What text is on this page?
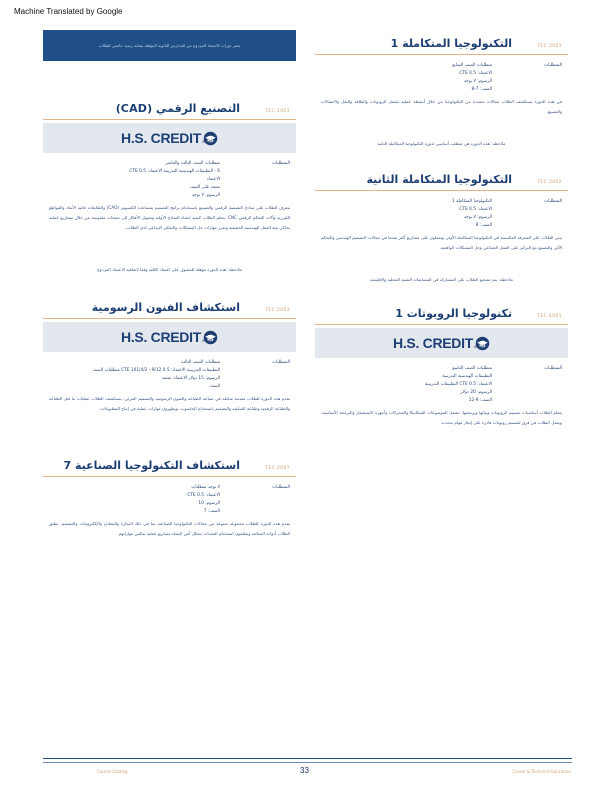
Machine Translated by Google
تعتبر دورات الاعتماد المزدوج من المدارس الثانوية المؤهلة بمثابة رصيد جامعي للطلاب
التصنيع الرقمي (CAD)	TEC 1001
اعتماد
اختياري
H.S. CREDIT
المتطلبات
متطلبات الصف الثالث والعاشر
6 - التطبيقات الهندسية التدريبية الاعتماد: 0.5 CTE
الاعتماد
تعتمد على الصف
الرسوم: لا يوجد
يتعرف الطلاب على مبادئ التصميم الرقمي والتصنيع باستخدام برامج التصميم بمساعدة الكمبيوتر (CAD) والطابعات ثلاثية الأبعاد والقواطع الليزرية وآلات التحكم الرقمي CNC. يتعلم الطلاب كيفية إنشاء النماذج الأولية وتحويل الأفكار إلى منتجات ملموسة من خلال مشاريع عملية تحاكي بيئة العمل الهندسية الحقيقية وتعزز مهارات حل المشكلات والتفكير الإبداعي لدى الطلاب.
ملاحظة: هذه الدورة مؤهلة للحصول على اعتماد الكلية وفقا لاتفاقية الاعتماد المزدوج
استكشاف الفنون الرسومية	TEC 2003
اعتماد
اختياري
H.S. CREDIT
المتطلبات
متطلبات الصف الثالث
التطبيقات التدريبية الاعتماد: 0.5 CTE 101/4/2 - 9/12 متطلبات الصف
الرسوم: 15 دولار الاعتماد: تعتمد
الصف
تقدم هذه الدورة للطلاب مقدمة شاملة في صناعة الطباعة والفنون الرسومية والتصميم المرئي. يستكشف الطلاب عمليات ما قبل الطباعة والطباعة الرقمية وطباعة الشاشة والتصميم باستخدام الحاسوب، ويطورون مهارات عملية في إنتاج المطبوعات.
استكشاف التكنولوجيا الصناعية 7	TEC 2007
المتطلبات
لا توجد متطلبات
الاعتماد: 0.5 CTE
الرسوم: 10
الصف: 7
تقدم هذه الدورة للطلاب مجموعة متنوعة من مجالات التكنولوجيا الصناعية بما في ذلك النجارة والمعادن والإلكترونيات والتصميم. يطبق الطلاب أدوات السلامة ويتعلمون استخدام المعدات بشكل آمن لإنشاء مشاريع عملية تعكس مهاراتهم.
التكنولوجيا المتكاملة 1	TEC 3001
المتطلبات
متطلبات الصف السابع
الاعتماد: 0.5 CTE
الرسوم: لا يوجد
الصف: 7-8
في هذه الدورة يستكشف الطلاب مجالات متعددة من التكنولوجيا من خلال أنشطة عملية تشمل الروبوتات والطاقة والنقل والاتصالات والتصنيع.
ملاحظة: هذه الدورة هي متطلب أساسي لدورة التكنولوجيا المتكاملة الثانية
التكنولوجيا المتكاملة الثانية	TEC 3002
المتطلبات
التكنولوجيا المتكاملة 1
الاعتماد: 0.5 CTE
الرسوم: لا يوجد
الصف: 8
يبني الطلاب على المعرفة المكتسبة في التكنولوجيا المتكاملة الأولى ويعملون على مشاريع أكثر تقدما في مجالات التصميم الهندسي والتحكم الآلي والتصنيع مع التركيز على العمل الجماعي وحل المشكلات الواقعية.
ملاحظة: يتم تشجيع الطلاب على المشاركة في المسابقات التقنية المحلية والإقليمية
تكنولوجيا الروبوتات 1	TEC 4001
اعتماد
اختياري
H.S. CREDIT
المتطلبات
متطلبات الصف التاسع
التطبيقات الهندسية التدريبية
الاعتماد: 0.5 CTE التطبيقات التدريبية
الرسوم: 20 دولار
الصف: 9-12
يتعلم الطلاب أساسيات تصميم الروبوتات وبنائها وبرمجتها. تشمل الموضوعات الميكانيكا والمحركات وأجهزة الاستشعار والبرمجة الأساسية، ويعمل الطلاب في فرق لتصميم روبوتات قادرة على إنجاز مهام محددة.
Course Catalog	33	Career & Technical Education
